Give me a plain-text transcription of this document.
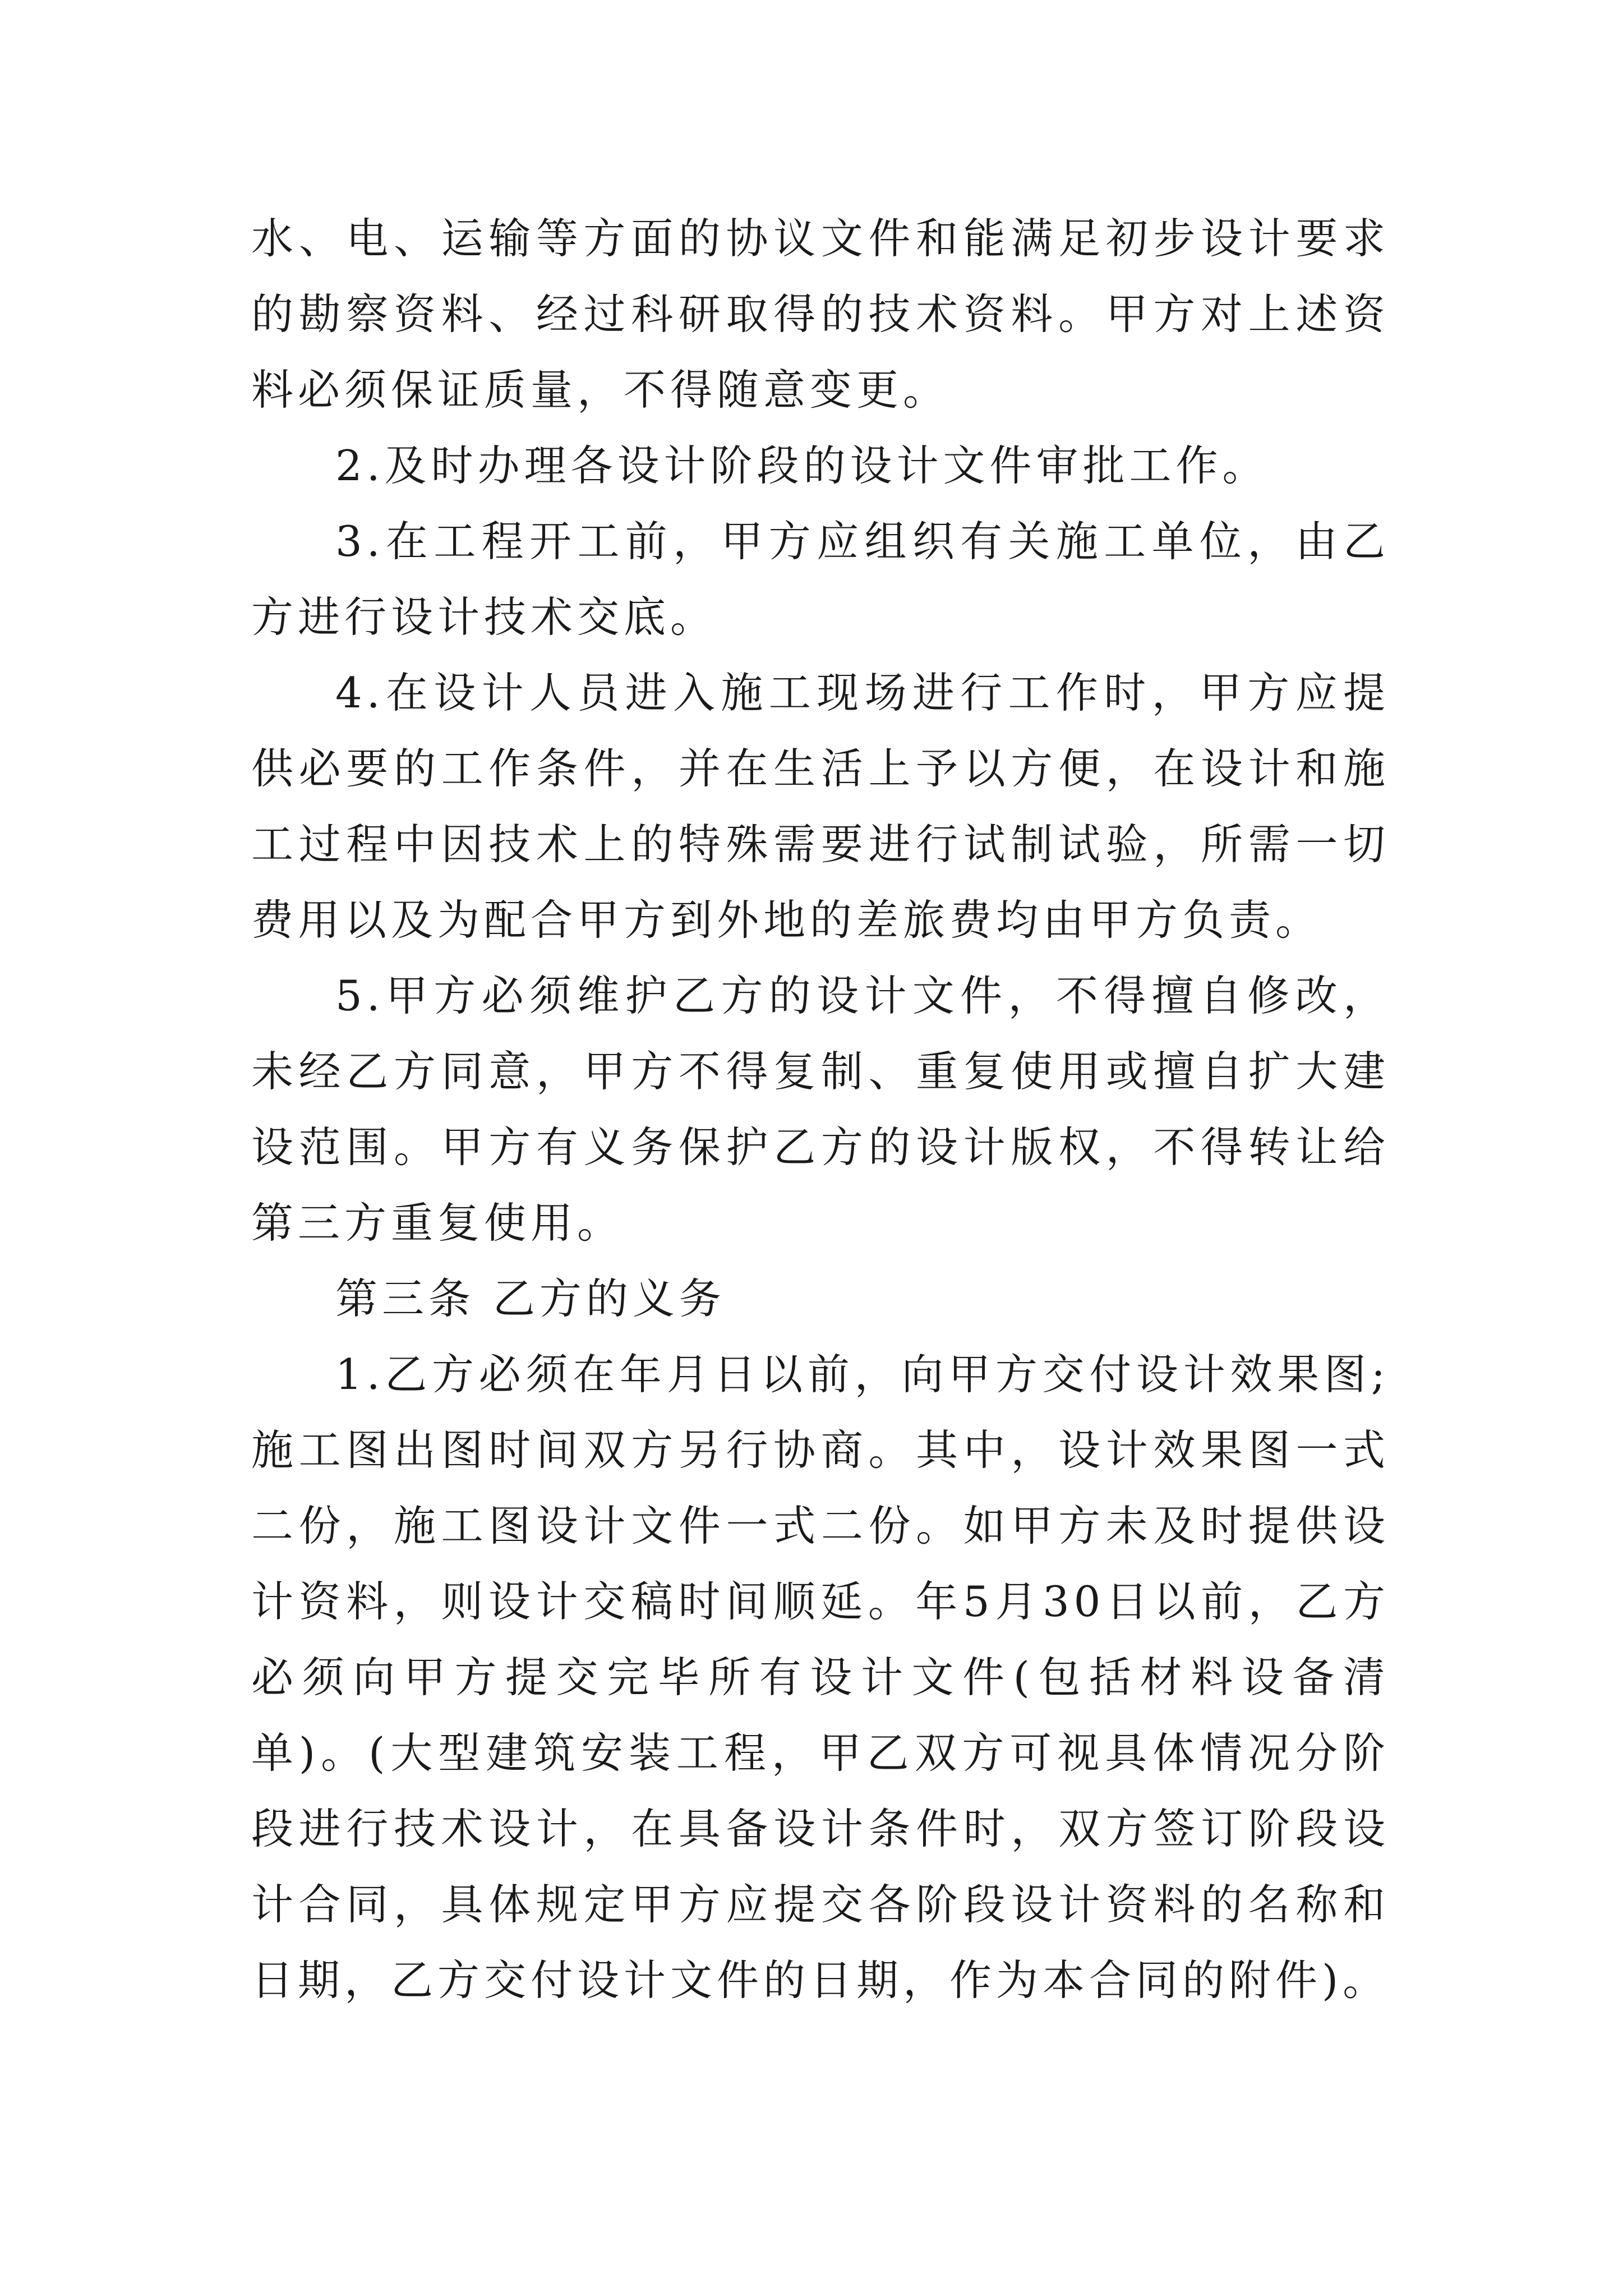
水、电、运输等方面的协议文件和能满足初步设计要求的勘察资料、经过科研取得的技术资料。甲方对上述资料必须保证质量，不得随意变更。

2.及时办理各设计阶段的设计文件审批工作。

3.在工程开工前，甲方应组织有关施工单位，由乙方进行设计技术交底。

4.在设计人员进入施工现场进行工作时，甲方应提供必要的工作条件，并在生活上予以方便，在设计和施工过程中因技术上的特殊需要进行试制试验，所需一切费用以及为配合甲方到外地的差旅费均由甲方负责。

5.甲方必须维护乙方的设计文件，不得擅自修改，未经乙方同意，甲方不得复制、重复使用或擅自扩大建设范围。甲方有义务保护乙方的设计版权，不得转让给第三方重复使用。

第三条 乙方的义务

1.乙方必须在年月日以前，向甲方交付设计效果图;施工图出图时间双方另行协商。其中，设计效果图一式二份，施工图设计文件一式二份。如甲方未及时提供设计资料，则设计交稿时间顺延。年5月30日以前，乙方必须向甲方提交完毕所有设计文件(包括材料设备清单)。(大型建筑安装工程，甲乙双方可视具体情况分阶段进行技术设计，在具备设计条件时，双方签订阶段设计合同，具体规定甲方应提交各阶段设计资料的名称和日期，乙方交付设计文件的日期，作为本合同的附件)。
